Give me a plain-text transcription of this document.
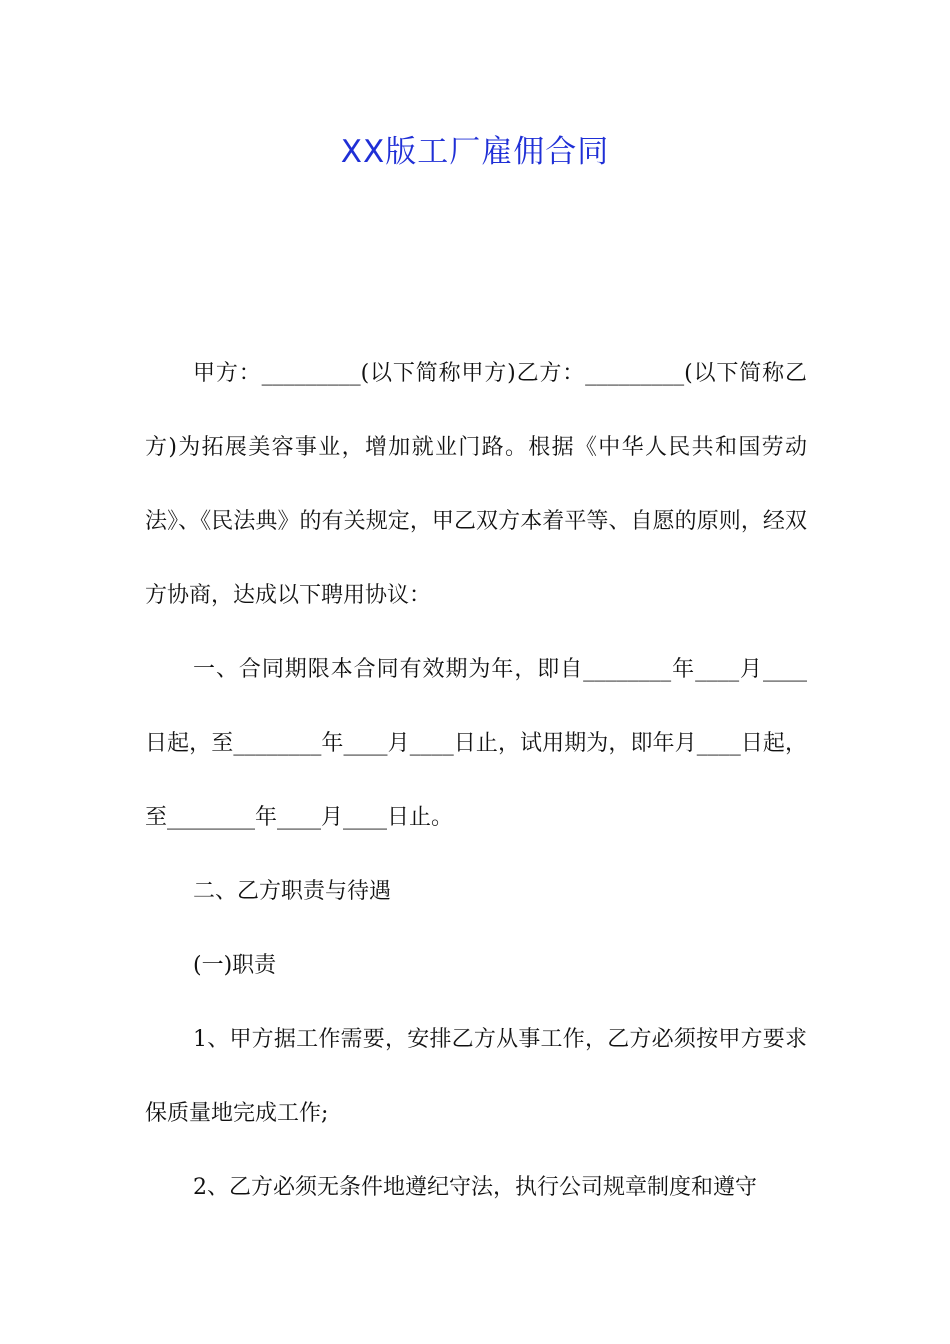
XX版工厂雇佣合同

甲方：_________(以下简称甲方)乙方：_________(以下简称乙方)为拓展美容事业，增加就业门路。根据《中华人民共和国劳动法》、《民法典》的有关规定，甲乙双方本着平等、自愿的原则，经双方协商，达成以下聘用协议：

一、合同期限本合同有效期为年，即自________年____月____日起，至________年____月____日止，试用期为，即年月____日起，至________年____月____日止。

二、乙方职责与待遇

(一)职责

1、甲方据工作需要，安排乙方从事工作，乙方必须按甲方要求保质量地完成工作;

2、乙方必须无条件地遵纪守法，执行公司规章制度和遵守
